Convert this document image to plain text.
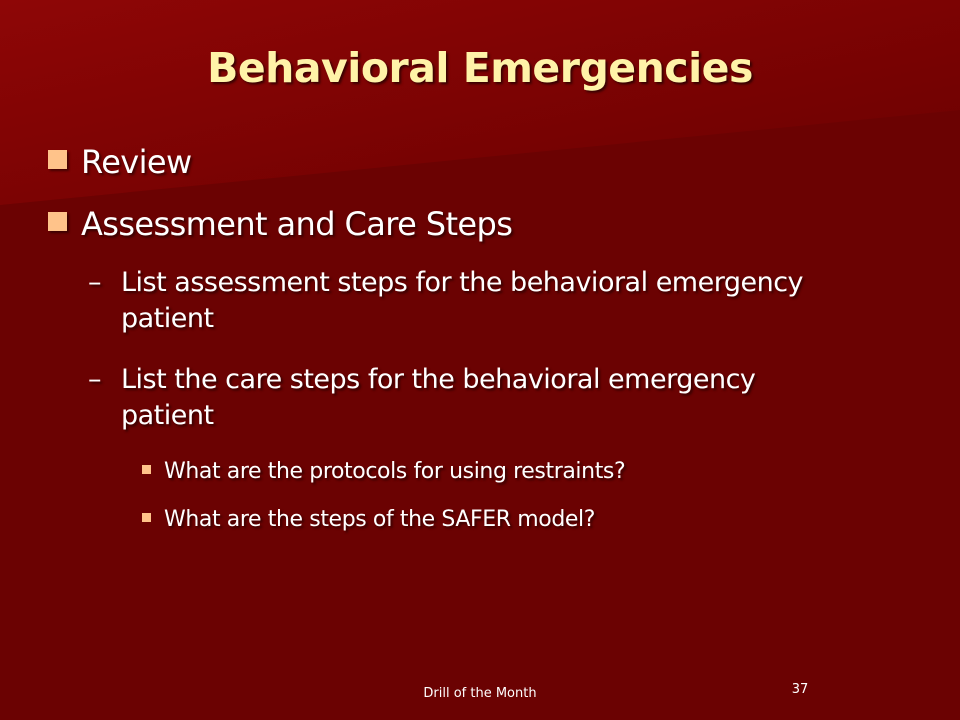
Behavioral Emergencies
Review
Assessment and Care Steps
– List assessment steps for the behavioral emergency patient
– List the care steps for the behavioral emergency patient
What are the protocols for using restraints?
What are the steps of the SAFER model?
Drill of the Month	37
